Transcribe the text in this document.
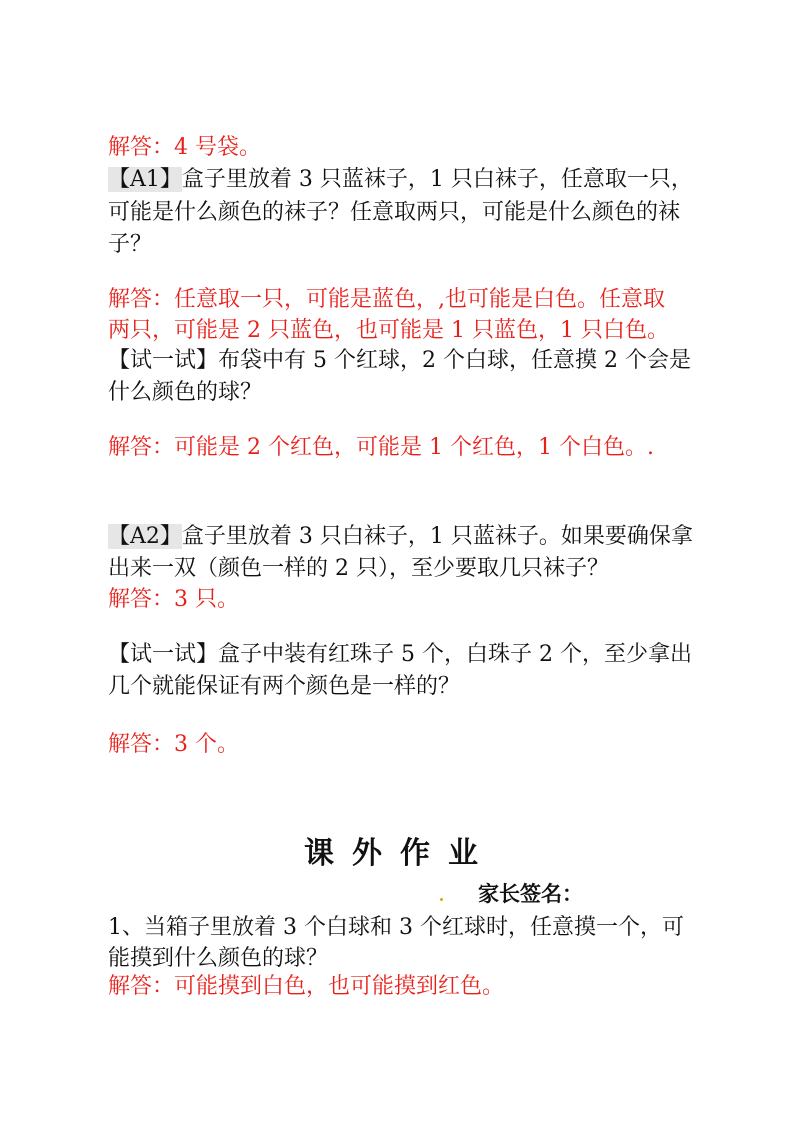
解答：4 号袋。
【A1】盒子里放着 3 只蓝袜子，1 只白袜子，任意取一只，
可能是什么颜色的袜子？任意取两只，可能是什么颜色的袜
子？
解答：任意取一只，可能是蓝色，,也可能是白色。任意取
两只，可能是 2 只蓝色，也可能是 1 只蓝色，1 只白色。
【试一试】布袋中有 5 个红球，2 个白球，任意摸 2 个会是
什么颜色的球？
解答：可能是 2 个红色，可能是 1 个红色，1 个白色。.
【A2】盒子里放着 3 只白袜子，1 只蓝袜子。如果要确保拿
出来一双（颜色一样的 2 只），至少要取几只袜子？
解答：3 只。
【试一试】盒子中装有红珠子 5 个，白珠子 2 个，至少拿出
几个就能保证有两个颜色是一样的？
解答：3 个。
课外作业
家长签名：
1、当箱子里放着 3 个白球和 3 个红球时，任意摸一个，可
能摸到什么颜色的球？
解答：可能摸到白色，也可能摸到红色。
